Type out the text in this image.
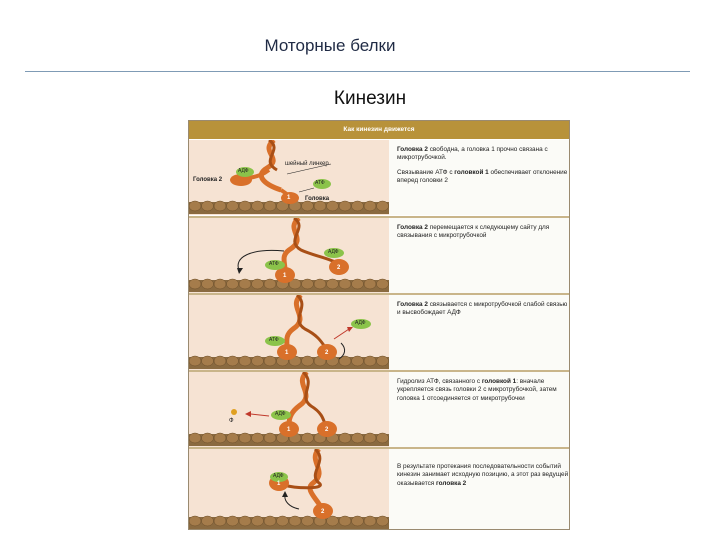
Моторные белки
Кинезин
Как кинезин движется
АДФ
АТФ
шейный линкер
Головка 2
Головка
1
Головка 2 свободна, а головка 1 прочно связана с микротрубочкой.
Связывание АТФ с головкой 1 обеспечивает отклонение вперед головки 2
АТФ
АДФ
1
2
Головка 2 перемещается к следующему сайту для связывания с микротрубочкой
АТФ
АДФ
1	2
Головка 2 связывается с микротрубочкой слабой связью и высвобождает АДФ
АДФ
Ф
1	2
Гидролиз АТФ, связанного с головкой 1: вначале укрепляется связь головки 2 с микротрубочкой, затем головка 1 отсоединяется от микротрубочки
АДФ
1
2
В результате протекания последовательности событий кинезин занимает исходную позицию, а этот раз ведущей оказывается головка 2
